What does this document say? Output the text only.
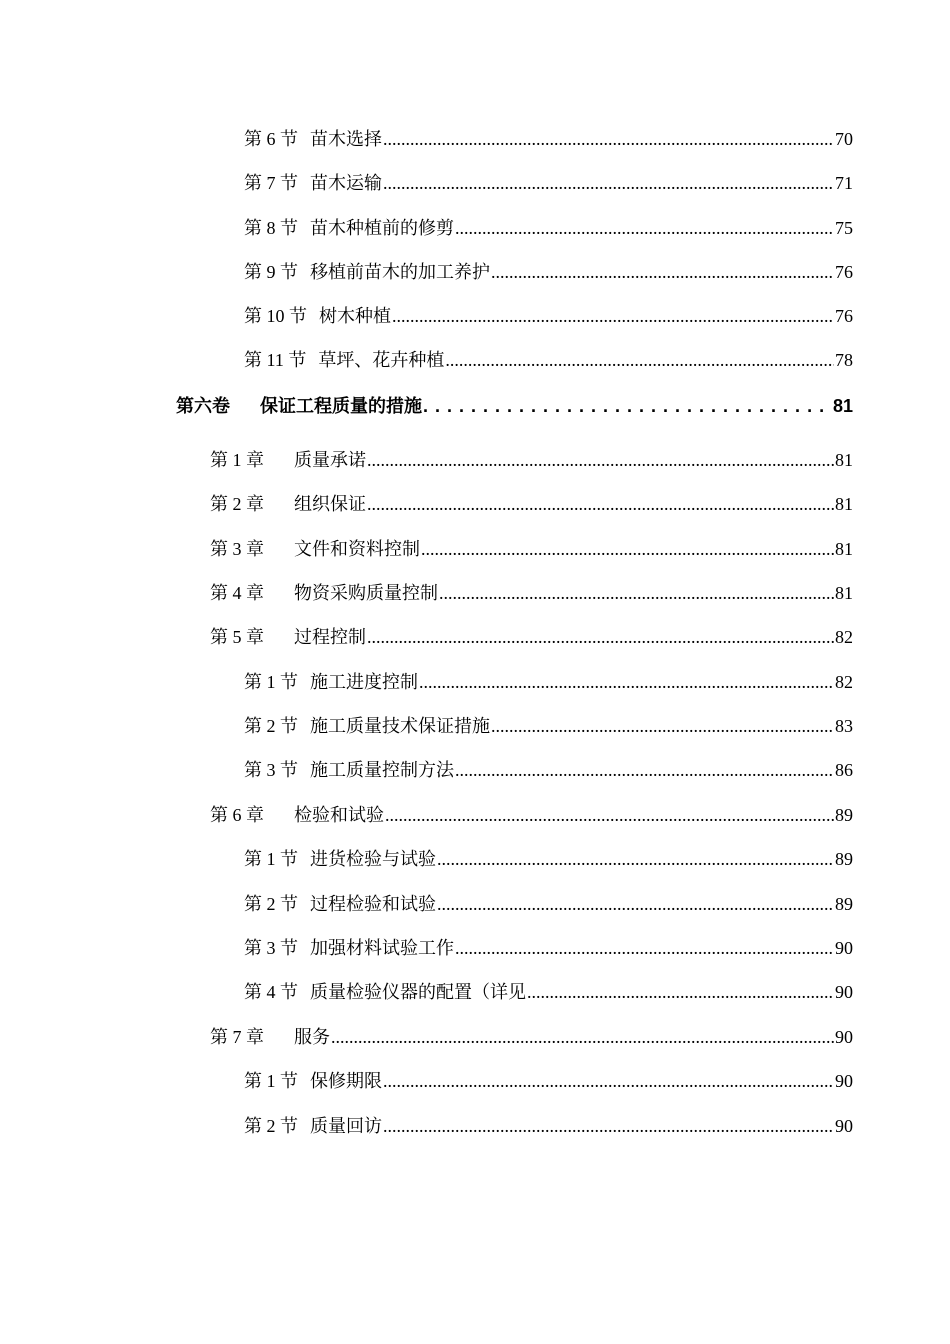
第 6 节 苗木选择 .....	70
第 7 节 苗木运输 .....	71
第 8 节 苗木种植前的修剪 .....	75
第 9 节 移植前苗木的加工养护 .....	76
第 10 节 树木种植 .....	76
第 11 节 草坪、花卉种植 .....	78
第六卷	保证工程质量的措施 . . .	81
第 1 章	质量承诺 .....	81
第 2 章	组织保证 .....	81
第 3 章	文件和资料控制 .....	81
第 4 章	物资采购质量控制 .....	81
第 5 章	过程控制 .....	82
第 1 节 施工进度控制 .....	82
第 2 节 施工质量技术保证措施 .....	83
第 3 节 施工质量控制方法 .....	86
第 6 章	检验和试验 .....	89
第 1 节 进货检验与试验 .....	89
第 2 节 过程检验和试验 .....	89
第 3 节 加强材料试验工作 .....	90
第 4 节 质量检验仪器的配置（详见 .....	90
第 7 章	服务 .....	90
第 1 节 保修期限 .....	90
第 2 节 质量回访 .....	90
